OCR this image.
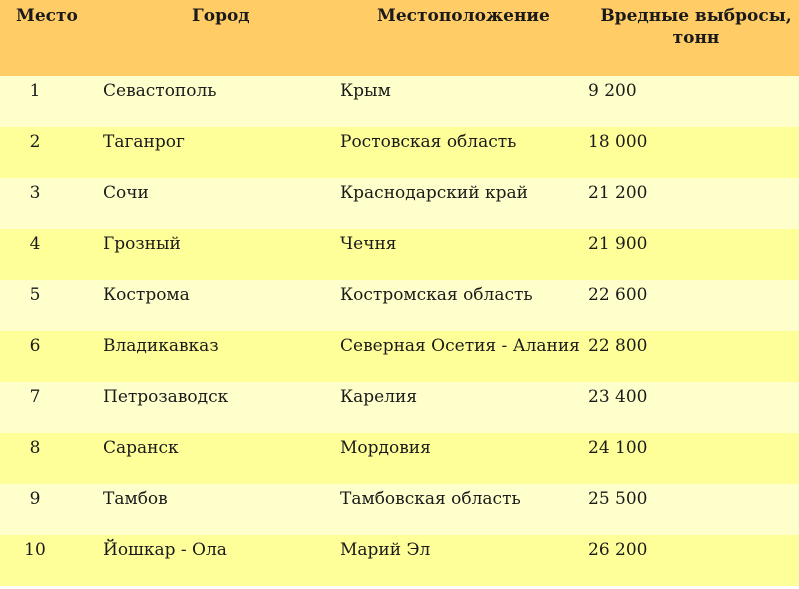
Место	Город	Местоположение	Вредные выбросы,
тонн
1	Севастополь	Крым	9 200
2	Таганрог	Ростовская область	18 000
3	Сочи	Краснодарский край	21 200
4	Грозный	Чечня	21 900
5	Кострома	Костромская область	22 600
6	Владикавказ	Северная Осетия - Алания 22 800
7	Петрозаводск	Карелия	23 400
8	Саранск	Мордовия	24 100
9	Тамбов	Тамбовская область	25 500
10	Йошкар - Ола	Марий Эл	26 200
